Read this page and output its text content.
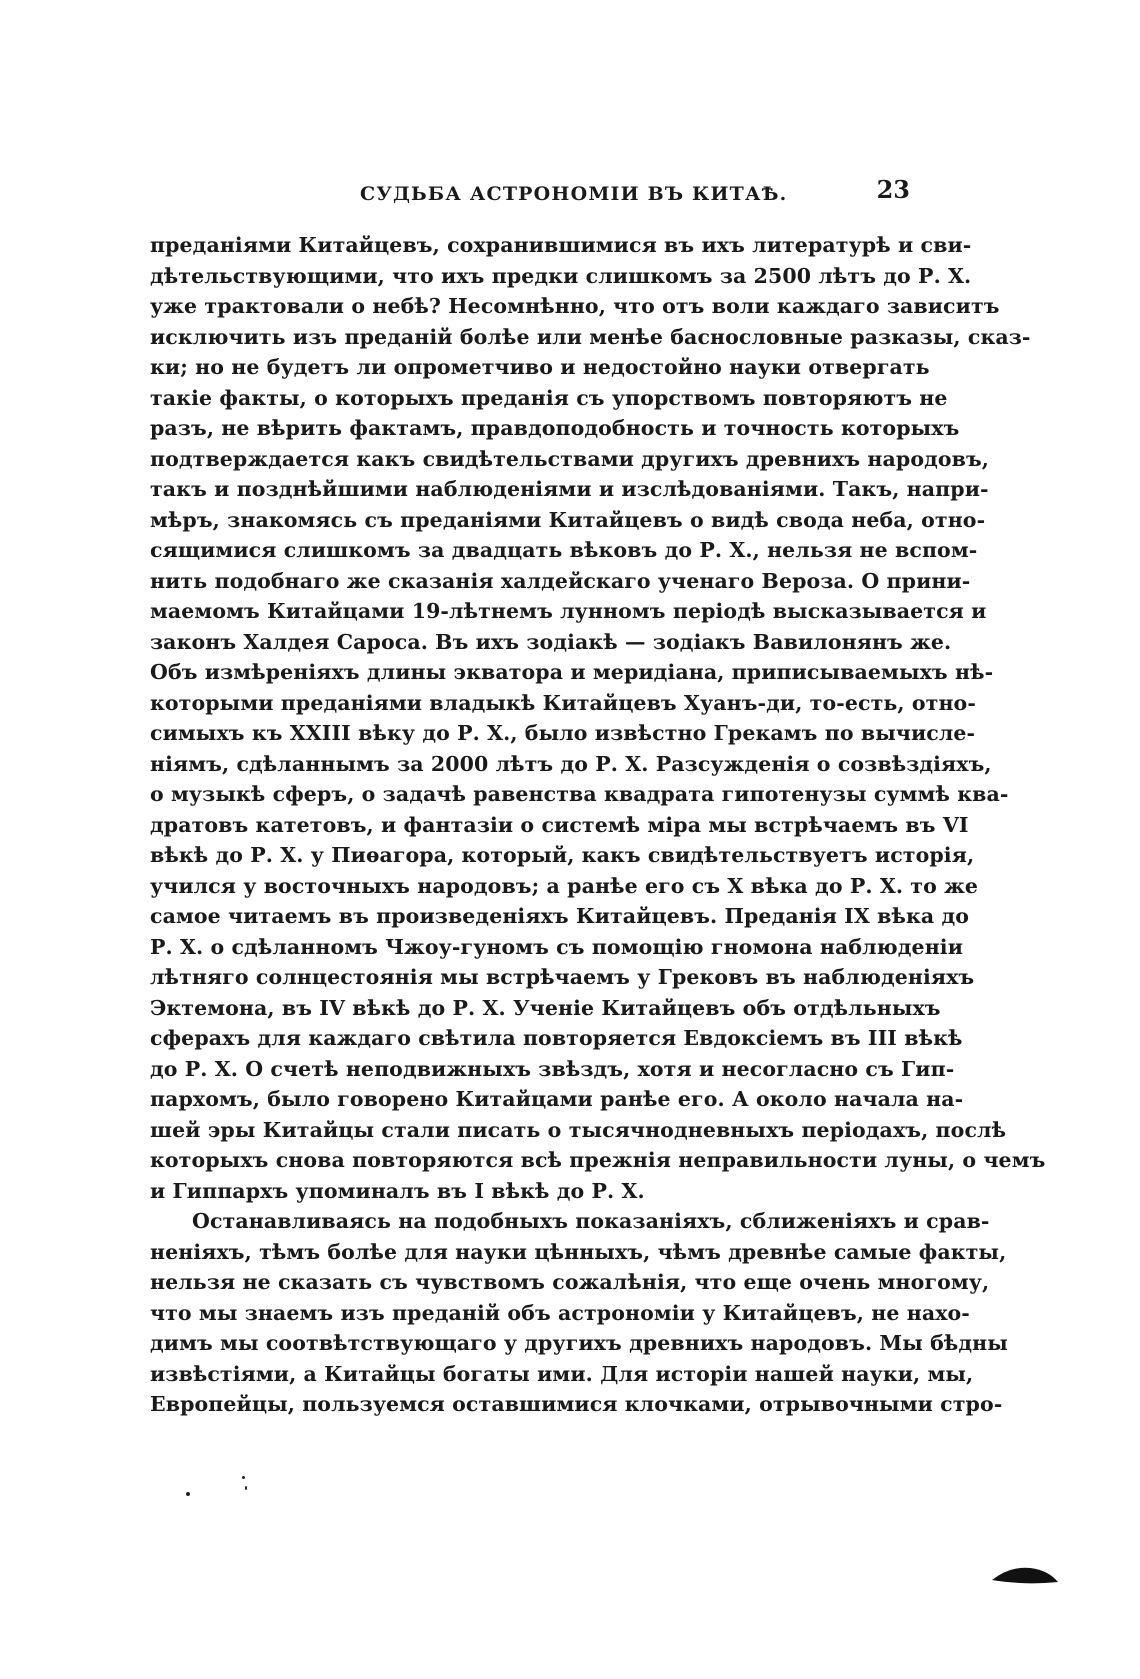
СУДЬБА АСТРОНОМІИ ВЪ КИТАѢ.	23
преданіями Китайцевъ, сохранившимися въ ихъ литературѣ и сви-
дѣтельствующими, что ихъ предки слишкомъ за 2500 лѣтъ до Р. Х.
уже трактовали о небѣ? Несомнѣнно, что отъ воли каждаго зависитъ
исключить изъ преданій болѣе или менѣе баснословные разказы, сказ-
ки; но не будетъ ли опрометчиво и недостойно науки отвергать
такіе факты, о которыхъ преданія съ упорствомъ повторяютъ не
разъ, не вѣрить фактамъ, правдоподобность и точность которыхъ
подтверждается какъ свидѣтельствами другихъ древнихъ народовъ,
такъ и позднѣйшими наблюденіями и изслѣдованіями. Такъ, напри-
мѣръ, знакомясь съ преданіями Китайцевъ о видѣ свода неба, отно-
сящимися слишкомъ за двадцать вѣковъ до Р. Х., нельзя не вспом-
нить подобнаго же сказанія халдейскаго ученаго Вероза. О прини-
маемомъ Китайцами 19-лѣтнемъ лунномъ періодѣ высказывается и
законъ Халдея Сароса. Въ ихъ зодіакѣ — зодіакъ Вавилонянъ же.
Объ измѣреніяхъ длины экватора и меридіана, приписываемыхъ нѣ-
которыми преданіями владыкѣ Китайцевъ Хуанъ-ди, то-есть, отно-
симыхъ къ XXIII вѣку до Р. Х., было извѣстно Грекамъ по вычисле-
ніямъ, сдѣланнымъ за 2000 лѣтъ до Р. Х. Разсужденія о созвѣздіяхъ,
о музыкѣ сферъ, о задачѣ равенства квадрата гипотенузы суммѣ ква-
дратовъ катетовъ, и фантазіи о системѣ міра мы встрѣчаемъ въ VI
вѣкѣ до Р. Х. у Пиѳагора, который, какъ свидѣтельствуетъ исторія,
учился у восточныхъ народовъ; а ранѣе его съ X вѣка до Р. Х. то же
самое читаемъ въ произведеніяхъ Китайцевъ. Преданія IX вѣка до
Р. Х. о сдѣланномъ Чжоу-гуномъ съ помощію гномона наблюденіи
лѣтняго солнцестоянія мы встрѣчаемъ у Грековъ въ наблюденіяхъ
Эктемона, въ IV вѣкѣ до Р. Х. Ученіе Китайцевъ объ отдѣльныхъ
сферахъ для каждаго свѣтила повторяется Евдоксіемъ въ III вѣкѣ
до Р. Х. О счетѣ неподвижныхъ звѣздъ, хотя и несогласно съ Гип-
пархомъ, было говорено Китайцами ранѣе его. А около начала на-
шей эры Китайцы стали писать о тысячнодневныхъ періодахъ, послѣ
которыхъ снова повторяются всѣ прежнія неправильности луны, о чемъ
и Гиппархъ упоминалъ въ I вѣкѣ до Р. Х.
Останавливаясь на подобныхъ показаніяхъ, сближеніяхъ и срав-
неніяхъ, тѣмъ болѣе для науки цѣнныхъ, чѣмъ древнѣе самые факты,
нельзя не сказать съ чувствомъ сожалѣнія, что еще очень многому,
что мы знаемъ изъ преданій объ астрономіи у Китайцевъ, не нахо-
димъ мы соотвѣтствующаго у другихъ древнихъ народовъ. Мы бѣдны
извѣстіями, а Китайцы богаты ими. Для исторіи нашей науки, мы,
Европейцы, пользуемся оставшимися клочками, отрывочными стро-
